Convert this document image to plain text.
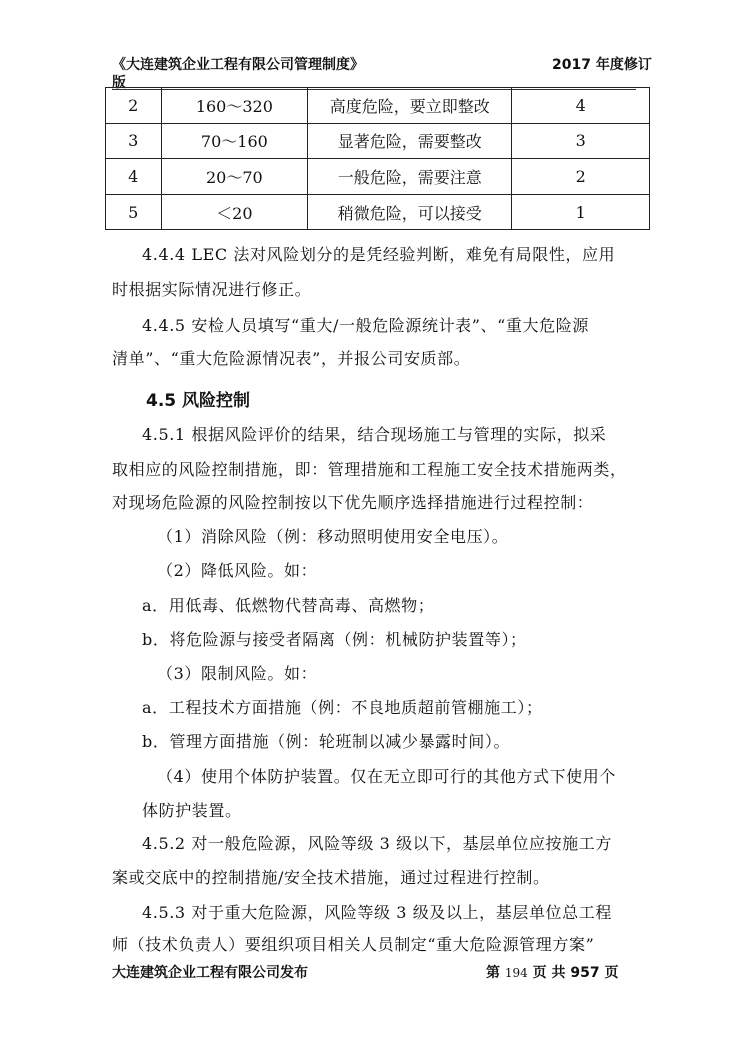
《大连建筑企业工程有限公司管理制度》	2017 年度修订
版
2	160～320	高度危险，要立即整改	4
3	70～160	显著危险，需要整改	3
4	20～70	一般危险，需要注意	2
5	＜20	稍微危险，可以接受	1
4.4.4 LEC 法对风险划分的是凭经验判断，难免有局限性，应用
时根据实际情况进行修正。
4.4.5 安检人员填写“重大/一般危险源统计表”、“重大危险源
清单”、“重大危险源情况表”，并报公司安质部。
4.5 风险控制
4.5.1 根据风险评价的结果，结合现场施工与管理的实际，拟采
取相应的风险控制措施，即：管理措施和工程施工安全技术措施两类，
对现场危险源的风险控制按以下优先顺序选择措施进行过程控制：
（1）消除风险（例：移动照明使用安全电压）。
（2）降低风险。如：
a．用低毒、低燃物代替高毒、高燃物；
b．将危险源与接受者隔离（例：机械防护装置等）；
（3）限制风险。如：
a．工程技术方面措施（例：不良地质超前管棚施工）；
b．管理方面措施（例：轮班制以减少暴露时间）。
（4）使用个体防护装置。仅在无立即可行的其他方式下使用个
体防护装置。
4.5.2 对一般危险源，风险等级 3 级以下，基层单位应按施工方
案或交底中的控制措施/安全技术措施，通过过程进行控制。
4.5.3 对于重大危险源，风险等级 3 级及以上，基层单位总工程
师（技术负责人）要组织项目相关人员制定“重大危险源管理方案”
大连建筑企业工程有限公司发布	第 194 页 共 957 页
